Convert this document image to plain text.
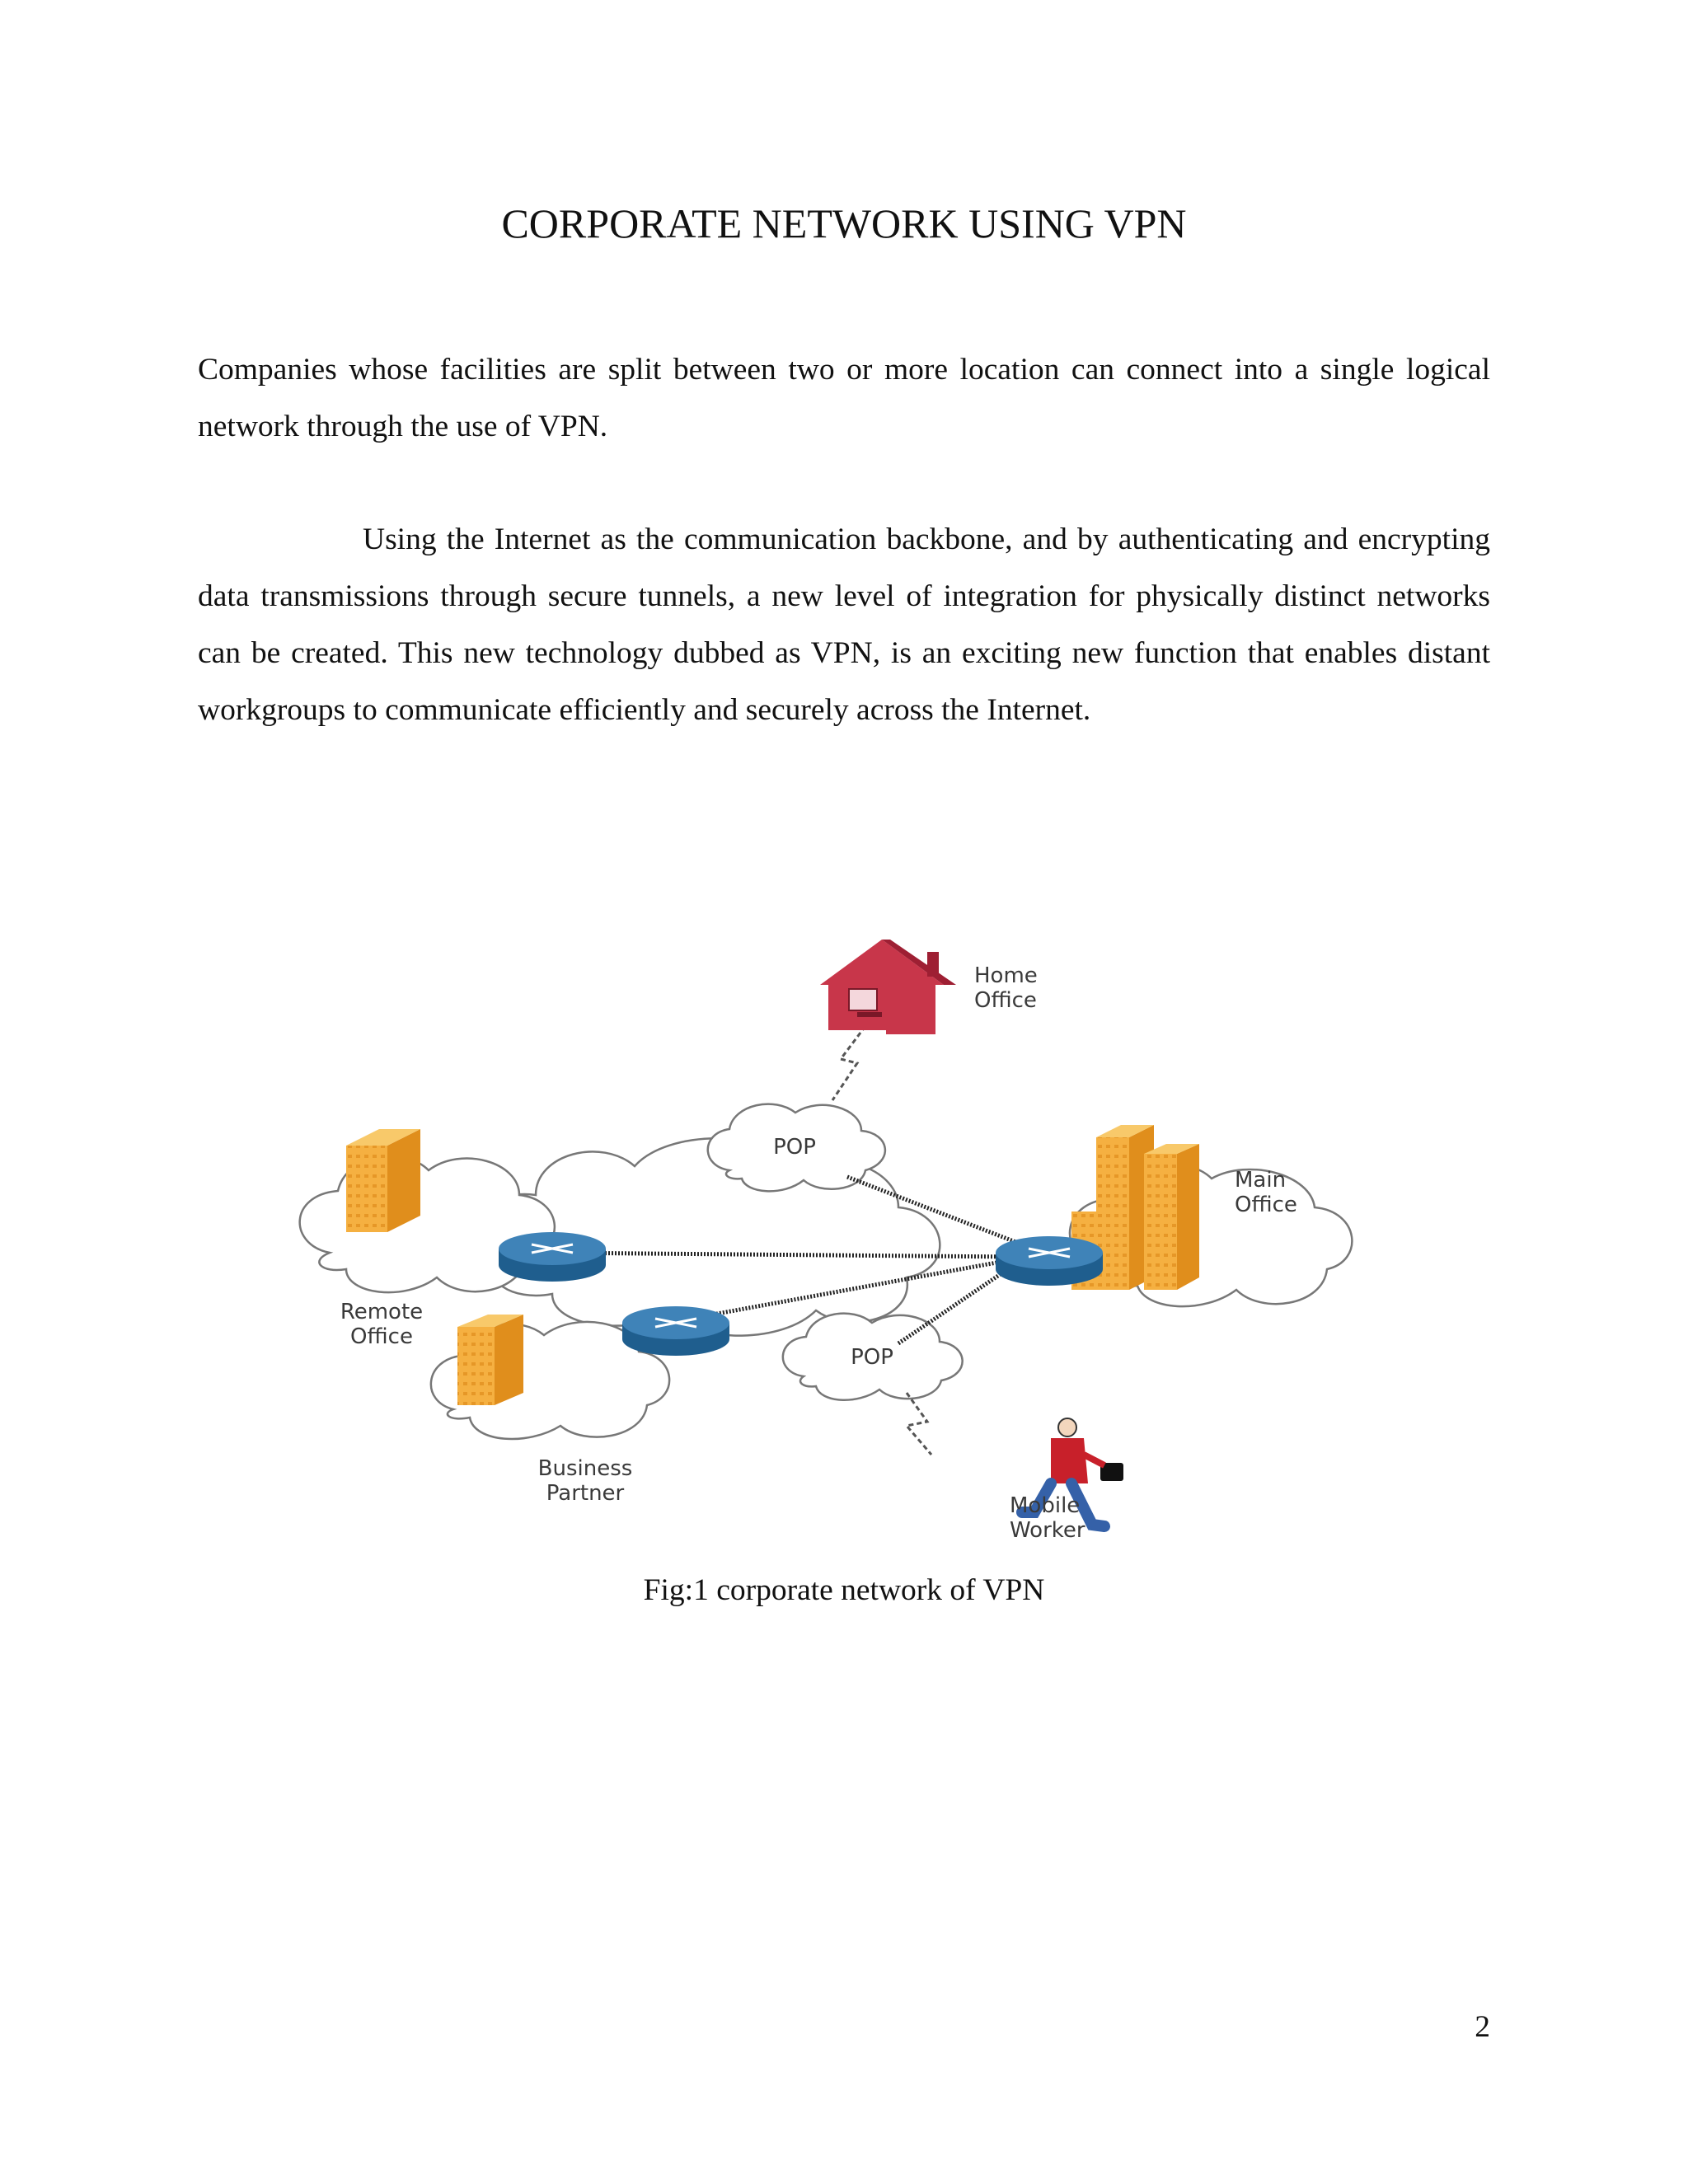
CORPORATE NETWORK USING VPN

Companies whose facilities are split between two or more location can connect into a single logical network through the use of VPN.

Using the Internet as the communication backbone, and by authenticating and encrypting data transmissions through secure tunnels, a new level of integration for physically distinct networks can be created. This new technology dubbed as VPN, is an exciting new function that enables distant workgroups to communicate efficiently and securely across the Internet.

POP
POP
Home
Office
Remote
Office
Business
Partner
Main
Office
Mobile
Worker

Fig:1 corporate network of VPN

2
